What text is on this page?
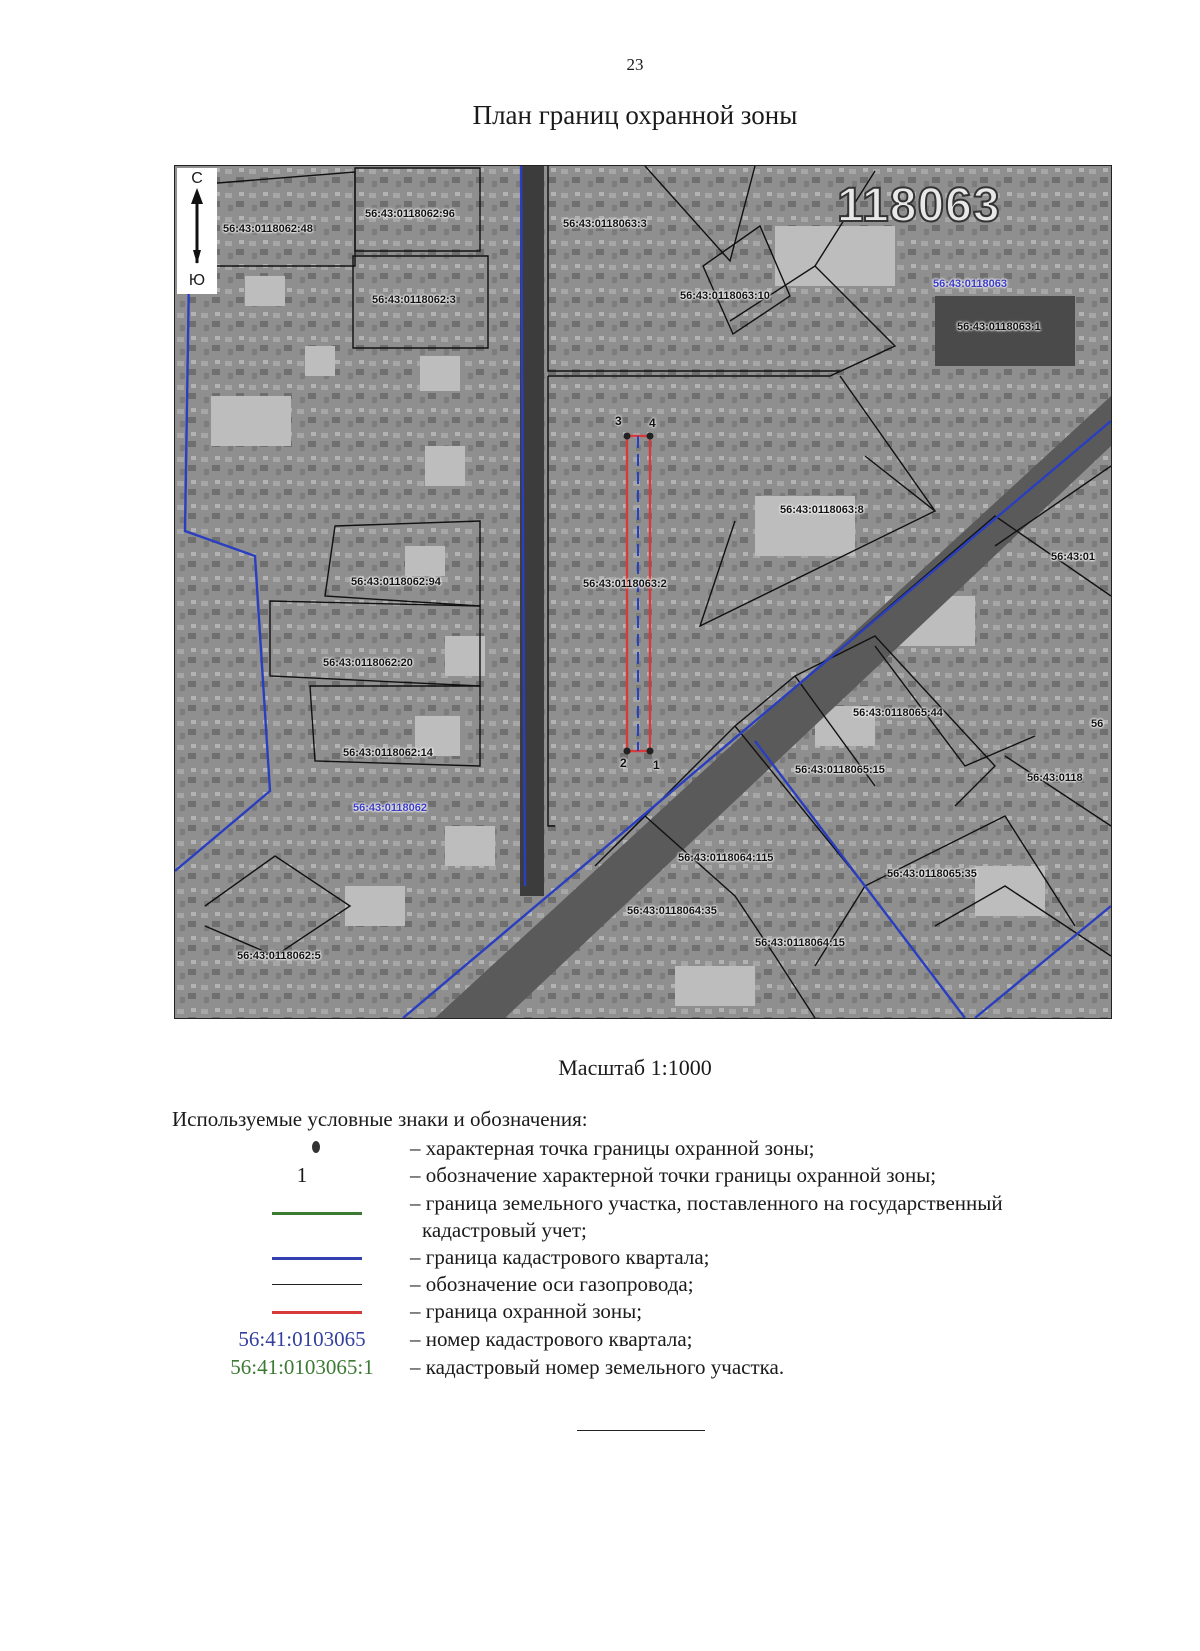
23
План границ охранной зоны
С
Ю
118063
56:43:0118062:48
56:43:0118062:96
56:43:0118063:3
56:43:0118062:3	56:43:0118063:10
56:43:0118063:1
56:43:0118063:8
56:43:0118062:94	56:43:0118063:2
56:43:0118062:20
56:43:0118062:14
56:43:0118065:44
56:43:0118065:15
56:43:0118064:115
56:43:0118065:35
56:43:0118064:35
56:43:0118064:15
56:43:0118062:5
56:43:01
56:43:0118
56
56:43:0118063
56:43:0118062
3 4
2 1
Масштаб 1:1000
Используемые условные знаки и обозначения:
– характерная точка границы охранной зоны;
1	– обозначение характерной точки границы охранной зоны;
– граница земельного участка, поставленного на государственный
кадастровый учет;
– граница кадастрового квартала;
– обозначение оси газопровода;
– граница охранной зоны;
56:41:0103065	– номер кадастрового квартала;
56:41:0103065:1	– кадастровый номер земельного участка.
